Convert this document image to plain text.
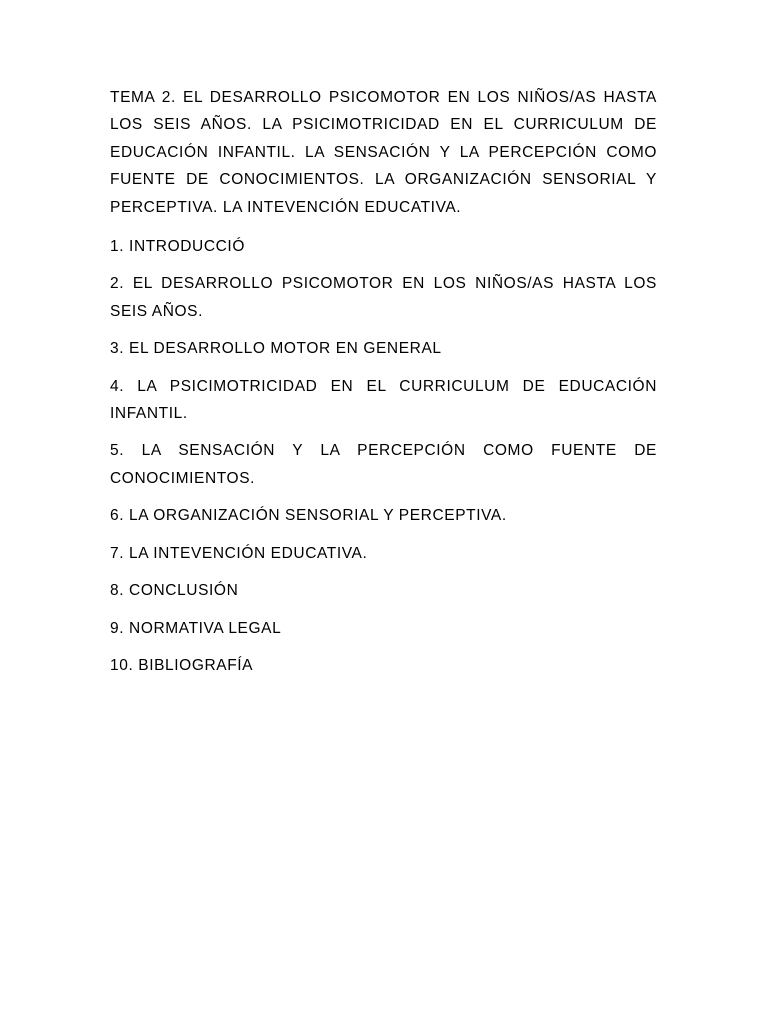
TEMA 2. EL DESARROLLO PSICOMOTOR EN LOS NIÑOS/AS HASTA LOS SEIS AÑOS. LA PSICIMOTRICIDAD EN EL CURRICULUM DE EDUCACIÓN INFANTIL. LA SENSACIÓN Y LA PERCEPCIÓN COMO FUENTE DE CONOCIMIENTOS. LA ORGANIZACIÓN SENSORIAL Y PERCEPTIVA. LA INTEVENCIÓN EDUCATIVA.
1. INTRODUCCIÓ
2. EL DESARROLLO PSICOMOTOR EN LOS NIÑOS/AS HASTA LOS SEIS AÑOS.
3. EL DESARROLLO MOTOR EN GENERAL
4. LA PSICIMOTRICIDAD EN EL CURRICULUM DE EDUCACIÓN INFANTIL.
5. LA SENSACIÓN Y LA PERCEPCIÓN COMO FUENTE DE CONOCIMIENTOS.
6. LA ORGANIZACIÓN SENSORIAL Y PERCEPTIVA.
7. LA INTEVENCIÓN EDUCATIVA.
8. CONCLUSIÓN
9. NORMATIVA LEGAL
10. BIBLIOGRAFÍA
